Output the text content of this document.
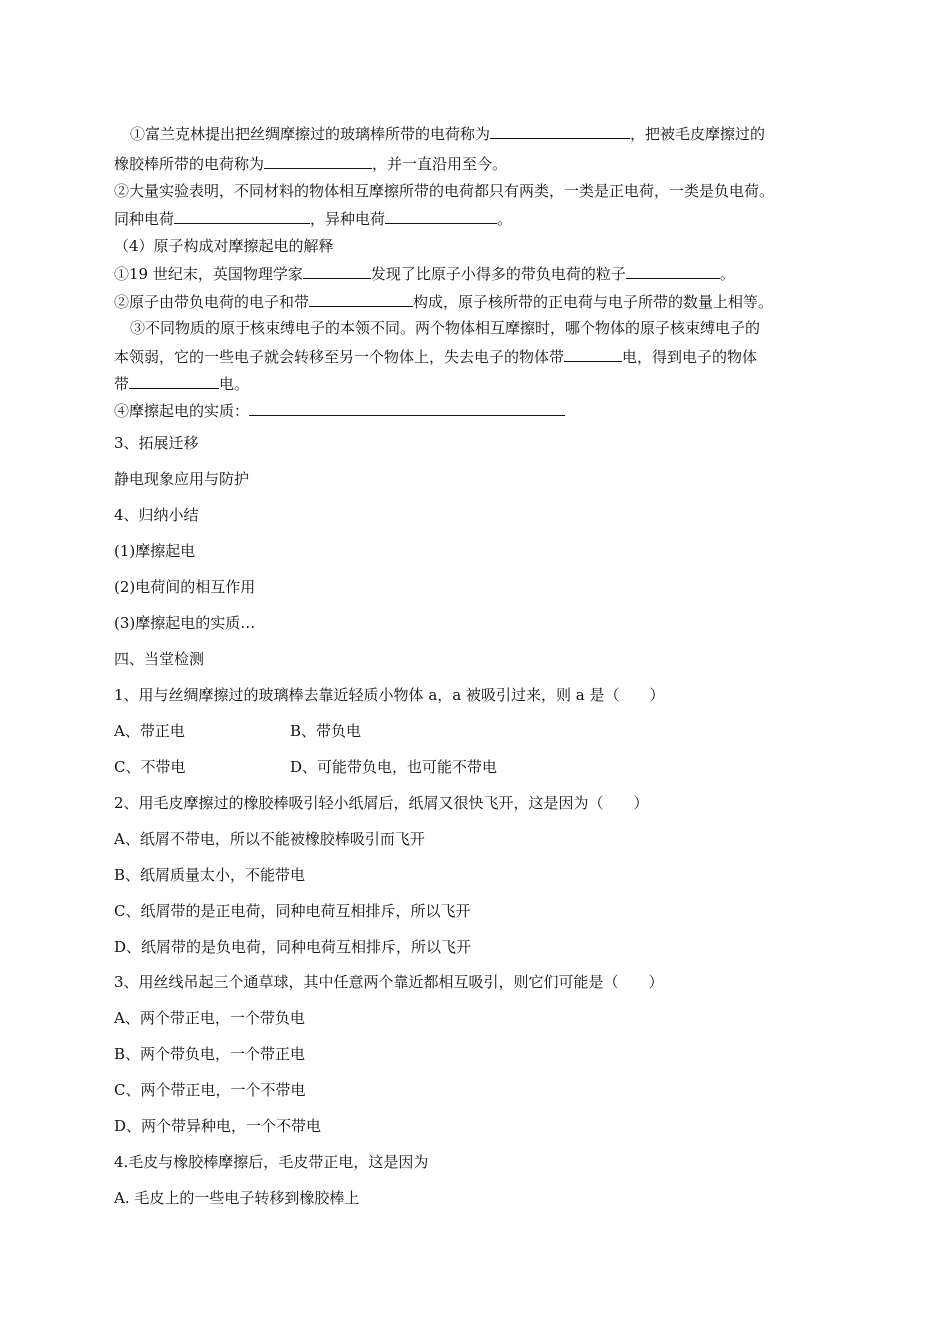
①富兰克林提出把丝绸摩擦过的玻璃棒所带的电荷称为	，把被毛皮摩擦过的
橡胶棒所带的电荷称为	，并一直沿用至今。
②大量实验表明，不同材料的物体相互摩擦所带的电荷都只有两类，一类是正电荷，一类是负电荷。
同种电荷	，异种电荷	。
（4）原子构成对摩擦起电的解释
①19 世纪末，英国物理学家	发现了比原子小得多的带负电荷的粒子	。
②原子由带负电荷的电子和带	构成，原子核所带的正电荷与电子所带的数量上相等。
③不同物质的原于核束缚电子的本领不同。两个物体相互摩擦时，哪个物体的原子核束缚电子的
本领弱，它的一些电子就会转移至另一个物体上，失去电子的物体带	电，得到电子的物体
带	电。
④摩擦起电的实质：
3、拓展迁移
静电现象应用与防护
4、归纳小结
(1)摩擦起电
(2)电荷间的相互作用
(3)摩擦起电的实质…
四、当堂检测
1、用与丝绸摩擦过的玻璃棒去靠近轻质小物体 a，a 被吸引过来，则 a 是（　　）
A、带正电	B、带负电
C、不带电	D、可能带负电，也可能不带电
2、用毛皮摩擦过的橡胶棒吸引轻小纸屑后，纸屑又很快飞开，这是因为（　　）
A、纸屑不带电，所以不能被橡胶棒吸引而飞开
B、纸屑质量太小，不能带电
C、纸屑带的是正电荷，同种电荷互相排斥，所以飞开
D、纸屑带的是负电荷，同种电荷互相排斥，所以飞开
3、用丝线吊起三个通草球，其中任意两个靠近都相互吸引，则它们可能是（　　）
A、两个带正电，一个带负电
B、两个带负电，一个带正电
C、两个带正电，一个不带电
D、两个带异种电，一个不带电
4.毛皮与橡胶棒摩擦后，毛皮带正电，这是因为
A. 毛皮上的一些电子转移到橡胶棒上
